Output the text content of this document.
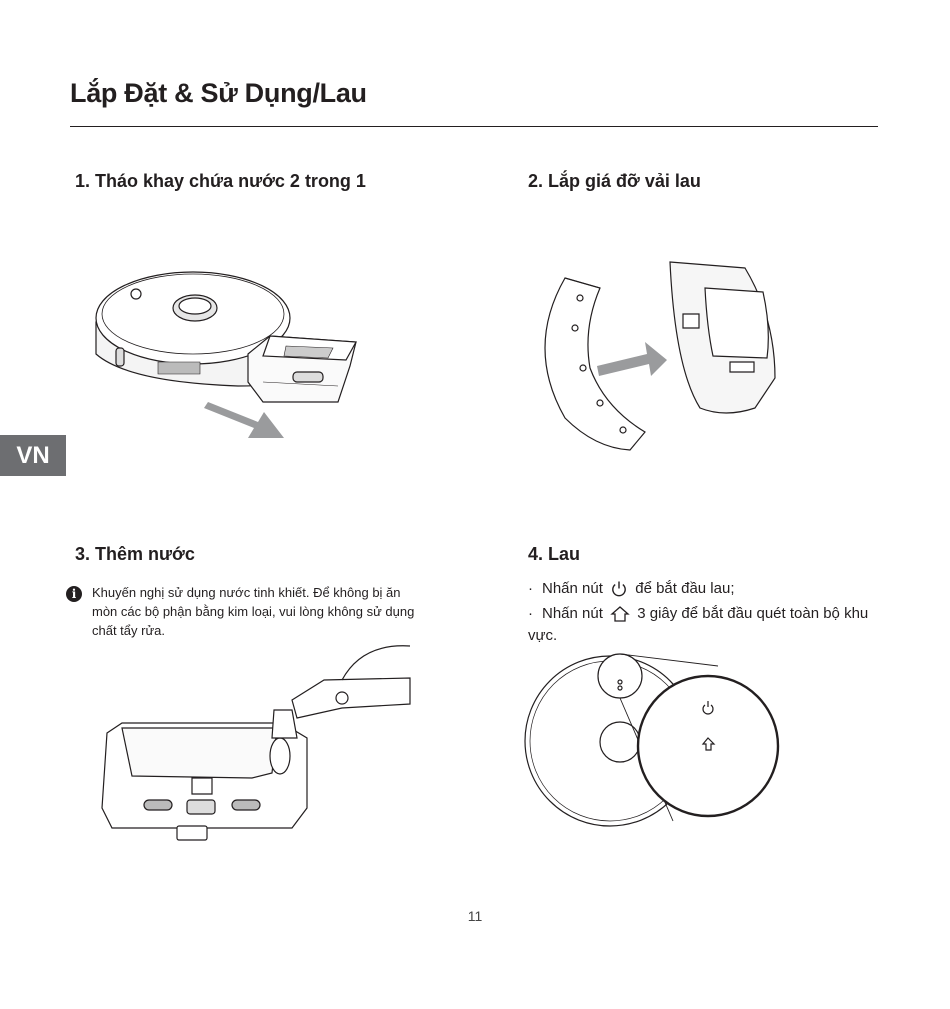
Lắp Đặt & Sử Dụng/Lau
VN
1. Tháo khay chứa nước 2 trong 1	2. Lắp giá đỡ vải lau
3. Thêm nước	4. Lau
i	Khuyến nghị sử dụng nước tinh khiết. Để không bị ăn mòn các bộ phận bằng kim loại, vui lòng không sử dụng chất tẩy rửa.
· Nhấn nút để bắt đầu lau;
· Nhấn nút 3 giây để bắt đầu quét toàn bộ khu vực.
11
